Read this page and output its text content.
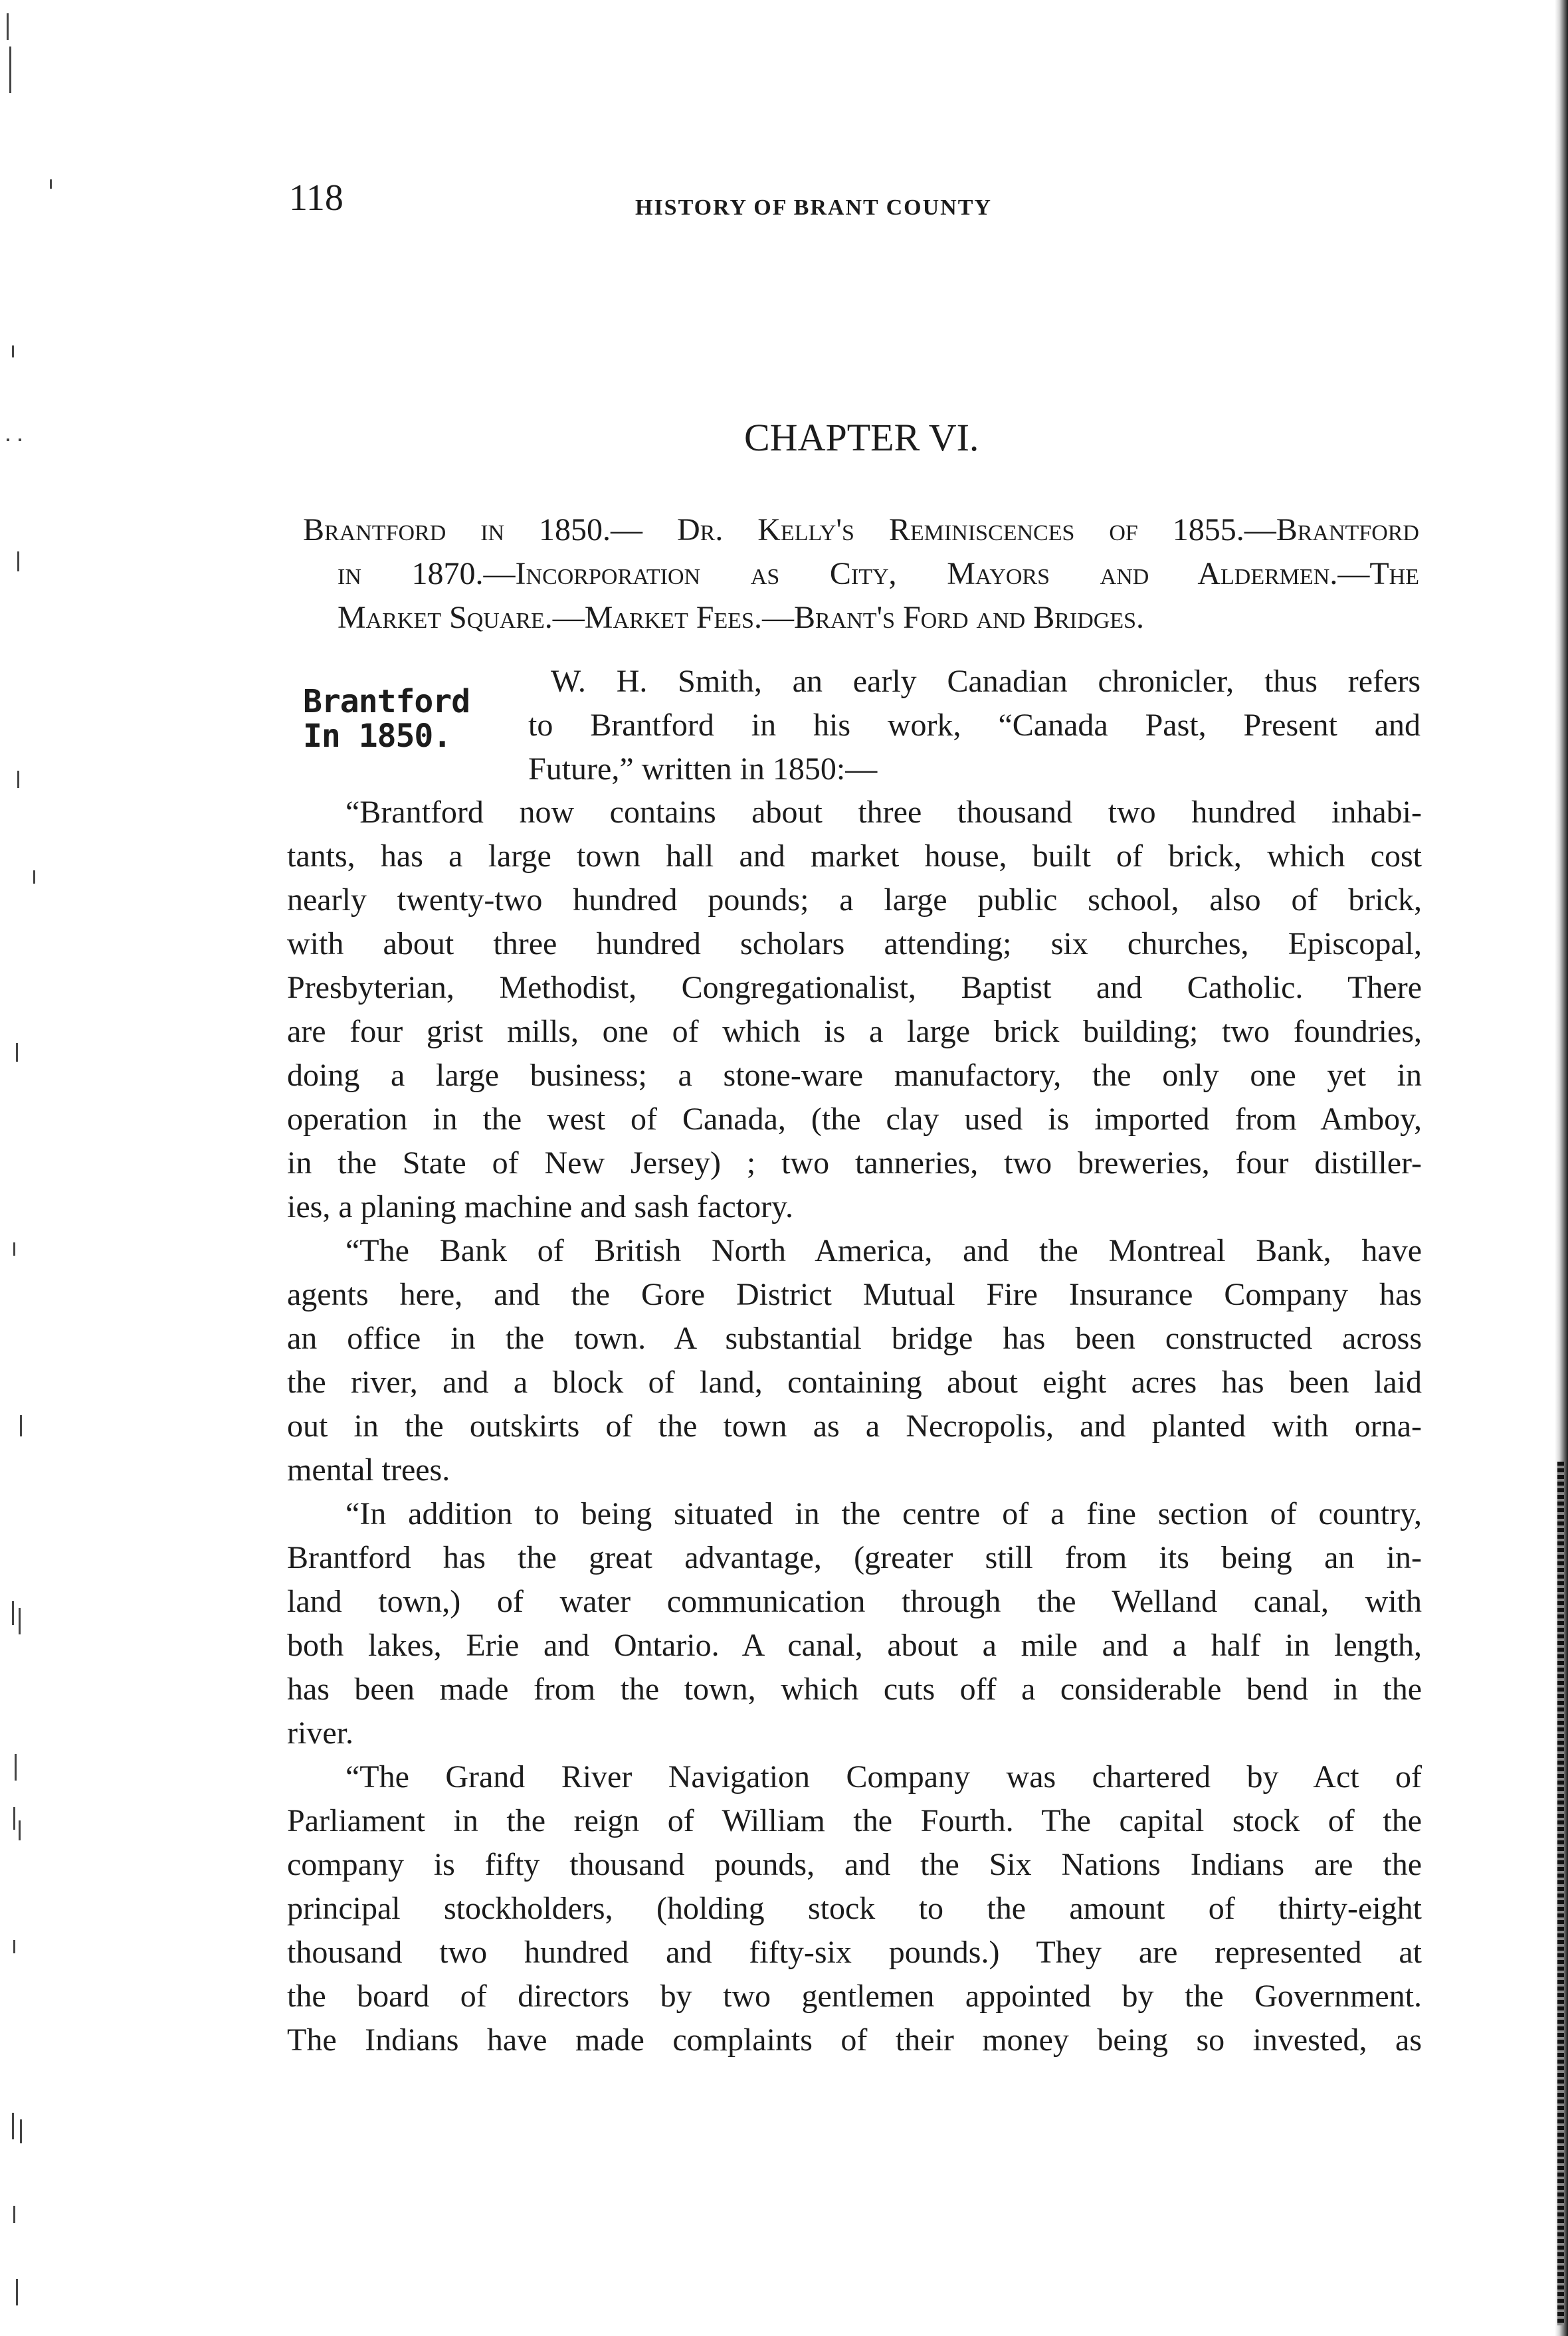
118	HISTORY OF BRANT COUNTY
CHAPTER VI.
Brantford in 1850.— Dr. Kelly's Reminiscences of 1855.—Brantford
in 1870.—Incorporation as City, Mayors and Aldermen.—The
Market Square.—Market Fees.—Brant's Ford and Bridges.
Brantford
In 1850.
W. H. Smith, an early Canadian chronicler, thus refers
to Brantford in his work, “Canada Past, Present and
Future,” written in 1850:—
“Brantford now contains about three thousand two hundred inhabi-
tants, has a large town hall and market house, built of brick, which cost
nearly twenty-two hundred pounds; a large public school, also of brick,
with about three hundred scholars attending; six churches, Episcopal,
Presbyterian, Methodist, Congregationalist, Baptist and Catholic. There
are four grist mills, one of which is a large brick building; two foundries,
doing a large business; a stone-ware manufactory, the only one yet in
operation in the west of Canada, (the clay used is imported from Amboy,
in the State of New Jersey) ; two tanneries, two breweries, four distiller-
ies, a planing machine and sash factory.
“The Bank of British North America, and the Montreal Bank, have
agents here, and the Gore District Mutual Fire Insurance Company has
an office in the town. A substantial bridge has been constructed across
the river, and a block of land, containing about eight acres has been laid
out in the outskirts of the town as a Necropolis, and planted with orna-
mental trees.
“In addition to being situated in the centre of a fine section of country,
Brantford has the great advantage, (greater still from its being an in-
land town,) of water communication through the Welland canal, with
both lakes, Erie and Ontario. A canal, about a mile and a half in length,
has been made from the town, which cuts off a considerable bend in the
river.
“The Grand River Navigation Company was chartered by Act of
Parliament in the reign of William the Fourth. The capital stock of the
company is fifty thousand pounds, and the Six Nations Indians are the
principal stockholders, (holding stock to the amount of thirty-eight
thousand two hundred and fifty-six pounds.) They are represented at
the board of directors by two gentlemen appointed by the Government.
The Indians have made complaints of their money being so invested, as
